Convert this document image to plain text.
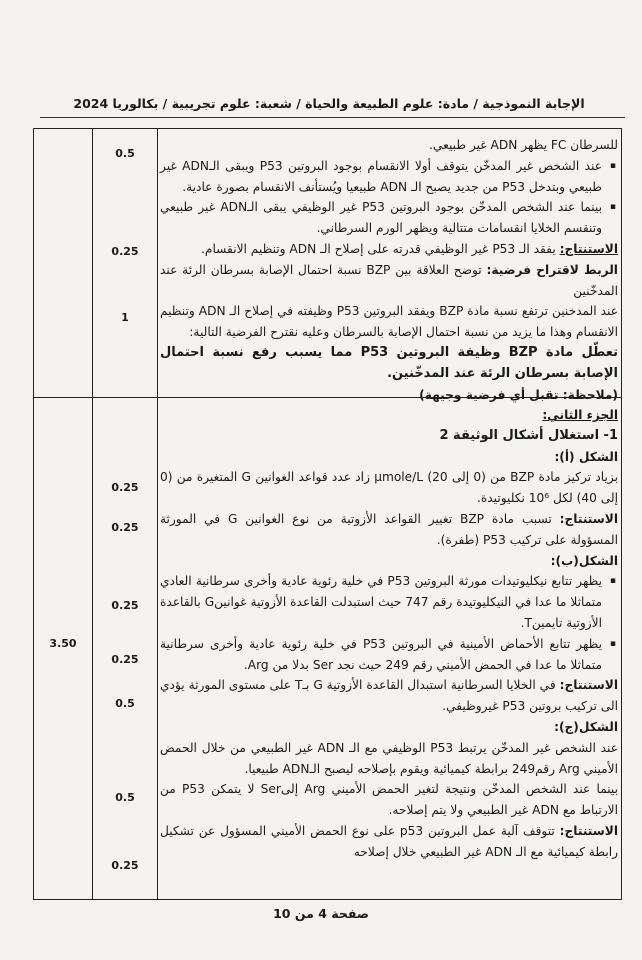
الإجابة النموذجية / مادة: علوم الطبيعة والحياة / شعبة: علوم تجريبية / بكالوريا 2024
0.5
0.25
1
3.50
0.25
0.25
0.25
0.25
0.5
0.5
0.25

للسرطان FC يظهر ADN غير طبيعي.

▪ عند الشخص غير المدخّن يتوقف أولا الانقسام بوجود البروتين P53 ويبقى الـADN غير طبيعي وبتدخل P53 من جديد يصبح الـ ADN طبيعيا ويُستأنف الانقسام بصورة عادية.

▪ بينما عند الشخص المدخّن بوجود البروتين P53 غير الوظيفي يبقى الـADN غير طبيعي وتنقسم الخلايا انقسامات متتالية ويظهر الورم السرطاني.

الاستنتاج: يفقد الـ P53 غير الوظيفي قدرته على إصلاح الـ ADN وتنظيم الانقسام.

الربط لاقتراح فرضية: توضح العلاقة بين BZP نسبة احتمال الإصابة بسرطان الرئة عند المدخّنين

عند المدخنين ترتفع نسبة مادة BZP ويفقد البروتين P53 وظيفته في إصلاح الـ ADN وتنظيم الانقسام وهذا ما يزيد من نسبة احتمال الإصابة بالسرطان وعليه نقترح الفرضية التالية:

تعطّل مادة BZP وظيفة البروتين P53 مما يسبب رفع نسبة احتمال الإصابة بسرطان الرئة عند المدخّنين.

(ملاحظة: تقبل أي فرضية وجيهة)

الجزء الثاني:

1- استغلال أشكال الوثيقة 2

الشكل (أ):

بزياد تركيز مادة BZP من (0 إلى 20) µmole/L زاد عدد قواعد الغوانين G المتغيرة من (0 إلى 40) لكل 10⁶ نكليوتيدة.

الاستنتاج: تسبب مادة BZP تغيير القواعد الأزوتية من نوع الغوانين G في المورثة المسؤولة على تركيب P53 (طفرة).

الشكل(ب):

▪ يظهر تتابع نيكليوتيدات مورثة البروتين P53 في خلية رئوية عادية وأخرى سرطانية العادي متماثلا ما عدا في النيكليوتيدة رقم 747 حيث استبدلت القاعدة الأزوتية غوانينG بالقاعدة الأزوتية تايمينT.

▪ يظهر تتابع الأحماض الأمينية في البروتين P53 في خلية رئوية عادية وأخرى سرطانية متماثلا ما عدا في الحمض الأميني رقم 249 حيث نجد Ser بدلا من Arg.

الاستنتاج: في الخلايا السرطانية استبدال القاعدة الأزوتية G بـT على مستوى المورثة يؤدي الى تركيب بروتين P53 غيروظيفي.

الشكل(ج):

عند الشخص غير المدخّن يرتبط P53 الوظيفي مع الـ ADN غير الطبيعي من خلال الحمض الأميني Arg رقم249 برابطة كيميائية ويقوم بإصلاحه ليصبح الـADN طبيعيا.

بينما عند الشخص المدخّن ونتيجة لتغير الحمض الأميني Arg إلىSer لا يتمكن P53 من الارتباط مع ADN غير الطبيعي ولا يتم إصلاحه.

الاستنتاج: تتوقف آلية عمل البروتين p53 على نوع الحمض الأميني المسؤول عن تشكيل رابطة كيميائية مع الـ ADN غير الطبيعي خلال إصلاحه

صفحة 4 من 10
